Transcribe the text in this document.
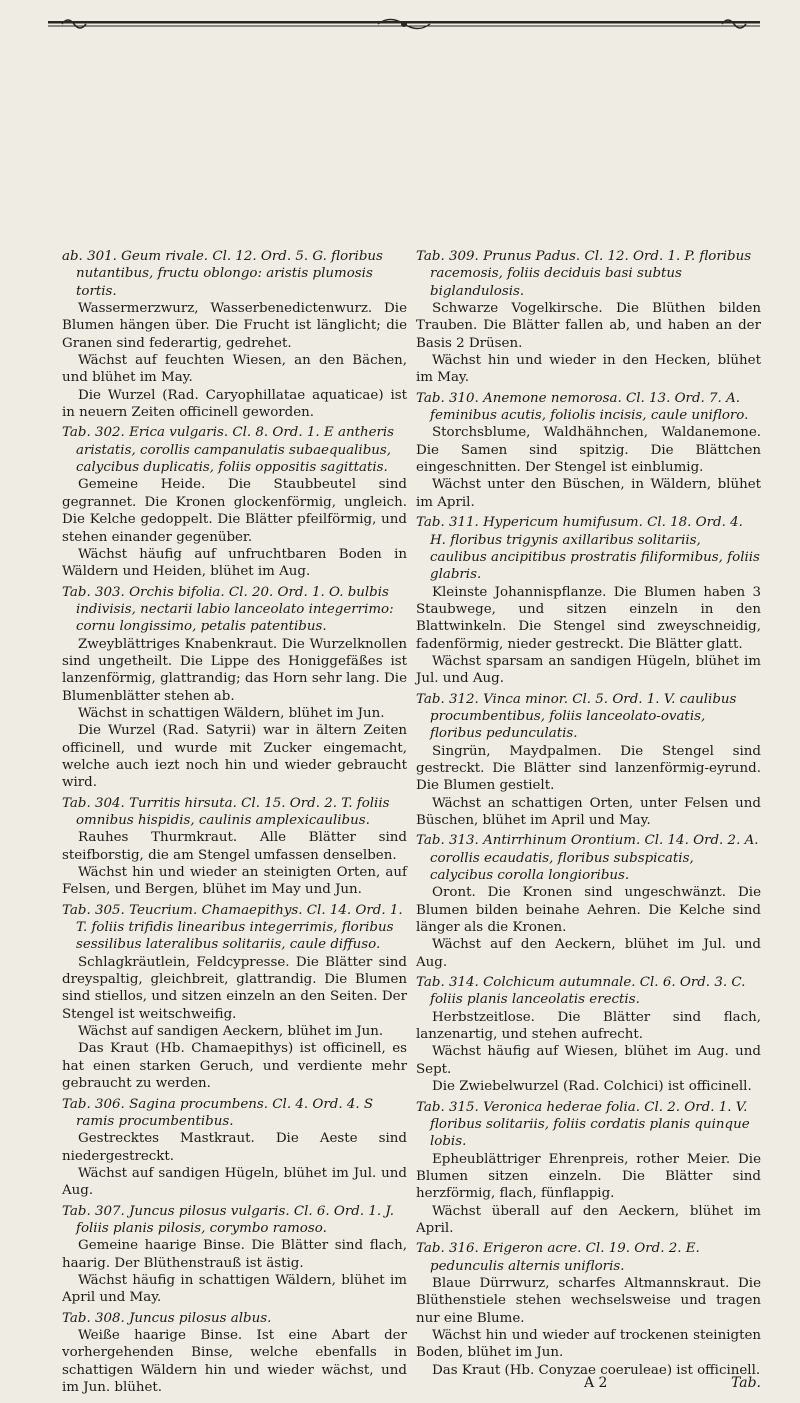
ab. 301. Geum rivale. Cl. 12. Ord. 5. G. floribus nutantibus, fructu oblongo: aristis plumosis tortis.

Wassermerzwurz, Wasserbenedictenwurz. Die Blumen hängen über. Die Frucht ist länglicht; die Granen sind federartig, gedrehet.

Wächst auf feuchten Wiesen, an den Bächen, und blühet im May.

Die Wurzel (Rad. Caryophillatae aquaticae) ist in neuern Zeiten officinell geworden.

Tab. 302. Erica vulgaris. Cl. 8. Ord. 1. E antheris aristatis, corollis campanulatis subaequalibus, calycibus duplicatis, foliis oppositis sagittatis.

Gemeine Heide. Die Staubbeutel sind gegrannet. Die Kronen glockenförmig, ungleich. Die Kelche gedoppelt. Die Blätter pfeilförmig, und stehen einander gegenüber.

Wächst häufig auf unfruchtbaren Boden in Wäldern und Heiden, blühet im Aug.

Tab. 303. Orchis bifolia. Cl. 20. Ord. 1. O. bulbis indivisis, nectarii labio lanceolato integerrimo: cornu longissimo, petalis patentibus.

Zweyblättriges Knabenkraut. Die Wurzelknollen sind ungetheilt. Die Lippe des Honiggefäßes ist lanzenförmig, glattrandig; das Horn sehr lang. Die Blumenblätter stehen ab.

Wächst in schattigen Wäldern, blühet im Jun.

Die Wurzel (Rad. Satyrii) war in ältern Zeiten officinell, und wurde mit Zucker eingemacht, welche auch iezt noch hin und wieder gebraucht wird.

Tab. 304. Turritis hirsuta. Cl. 15. Ord. 2. T. foliis omnibus hispidis, caulinis amplexicaulibus.

Rauhes Thurmkraut. Alle Blätter sind steifborstig, die am Stengel umfassen denselben.

Wächst hin und wieder an steinigten Orten, auf Felsen, und Bergen, blühet im May und Jun.

Tab. 305. Teucrium. Chamaepithys. Cl. 14. Ord. 1. T. foliis trifidis linearibus integerrimis, floribus sessilibus lateralibus solitariis, caule diffuso.

Schlagkräutlein, Feldcypresse. Die Blätter sind dreyspaltig, gleichbreit, glattrandig. Die Blumen sind stiellos, und sitzen einzeln an den Seiten. Der Stengel ist weitschweifig.

Wächst auf sandigen Aeckern, blühet im Jun.

Das Kraut (Hb. Chamaepithys) ist officinell, es hat einen starken Geruch, und verdiente mehr gebraucht zu werden.

Tab. 306. Sagina procumbens. Cl. 4. Ord. 4. S ramis procumbentibus.

Gestrecktes Mastkraut. Die Aeste sind niedergestreckt.

Wächst auf sandigen Hügeln, blühet im Jul. und Aug.

Tab. 307. Juncus pilosus vulgaris. Cl. 6. Ord. 1. J. foliis planis pilosis, corymbo ramoso.

Gemeine haarige Binse. Die Blätter sind flach, haarig. Der Blüthenstrauß ist ästig.

Wächst häufig in schattigen Wäldern, blühet im April und May.

Tab. 308. Juncus pilosus albus.

Weiße haarige Binse. Ist eine Abart der vorhergehenden Binse, welche ebenfalls in schattigen Wäldern hin und wieder wächst, und im Jun. blühet.

Tab. 309. Prunus Padus. Cl. 12. Ord. 1. P. floribus racemosis, foliis deciduis basi subtus biglandulosis.

Schwarze Vogelkirsche. Die Blüthen bilden Trauben. Die Blätter fallen ab, und haben an der Basis 2 Drüsen.

Wächst hin und wieder in den Hecken, blühet im May.

Tab. 310. Anemone nemorosa. Cl. 13. Ord. 7. A. feminibus acutis, foliolis incisis, caule unifloro.

Storchsblume, Waldhähnchen, Waldanemone. Die Samen sind spitzig. Die Blättchen eingeschnitten. Der Stengel ist einblumig.

Wächst unter den Büschen, in Wäldern, blühet im April.

Tab. 311. Hypericum humifusum. Cl. 18. Ord. 4. H. floribus trigynis axillaribus solitariis, caulibus ancipitibus prostratis filiformibus, foliis glabris.

Kleinste Johannispflanze. Die Blumen haben 3 Staubwege, und sitzen einzeln in den Blattwinkeln. Die Stengel sind zweyschneidig, fadenförmig, nieder gestreckt. Die Blätter glatt.

Wächst sparsam an sandigen Hügeln, blühet im Jul. und Aug.

Tab. 312. Vinca minor. Cl. 5. Ord. 1. V. caulibus procumbentibus, foliis lanceolato-ovatis, floribus pedunculatis.

Singrün, Maydpalmen. Die Stengel sind gestreckt. Die Blätter sind lanzenförmig-eyrund. Die Blumen gestielt.

Wächst an schattigen Orten, unter Felsen und Büschen, blühet im April und May.

Tab. 313. Antirrhinum Orontium. Cl. 14. Ord. 2. A. corollis ecaudatis, floribus subspicatis, calycibus corolla longioribus.

Oront. Die Kronen sind ungeschwänzt. Die Blumen bilden beinahe Aehren. Die Kelche sind länger als die Kronen.

Wächst auf den Aeckern, blühet im Jul. und Aug.

Tab. 314. Colchicum autumnale. Cl. 6. Ord. 3. C. foliis planis lanceolatis erectis.

Herbstzeitlose. Die Blätter sind flach, lanzenartig, und stehen aufrecht.

Wächst häufig auf Wiesen, blühet im Aug. und Sept.

Die Zwiebelwurzel (Rad. Colchici) ist officinell.

Tab. 315. Veronica hederae folia. Cl. 2. Ord. 1. V. floribus solitariis, foliis cordatis planis quinque lobis.

Epheublättriger Ehrenpreis, rother Meier. Die Blumen sitzen einzeln. Die Blätter sind herzförmig, flach, fünflappig.

Wächst überall auf den Aeckern, blühet im April.

Tab. 316. Erigeron acre. Cl. 19. Ord. 2. E. pedunculis alternis unifloris.

Blaue Dürrwurz, scharfes Altmannskraut. Die Blüthenstiele stehen wechselsweise und tragen nur eine Blume.

Wächst hin und wieder auf trockenen steinigten Boden, blühet im Jun.

Das Kraut (Hb. Conyzae coeruleae) ist officinell.

A 2	Tab.
